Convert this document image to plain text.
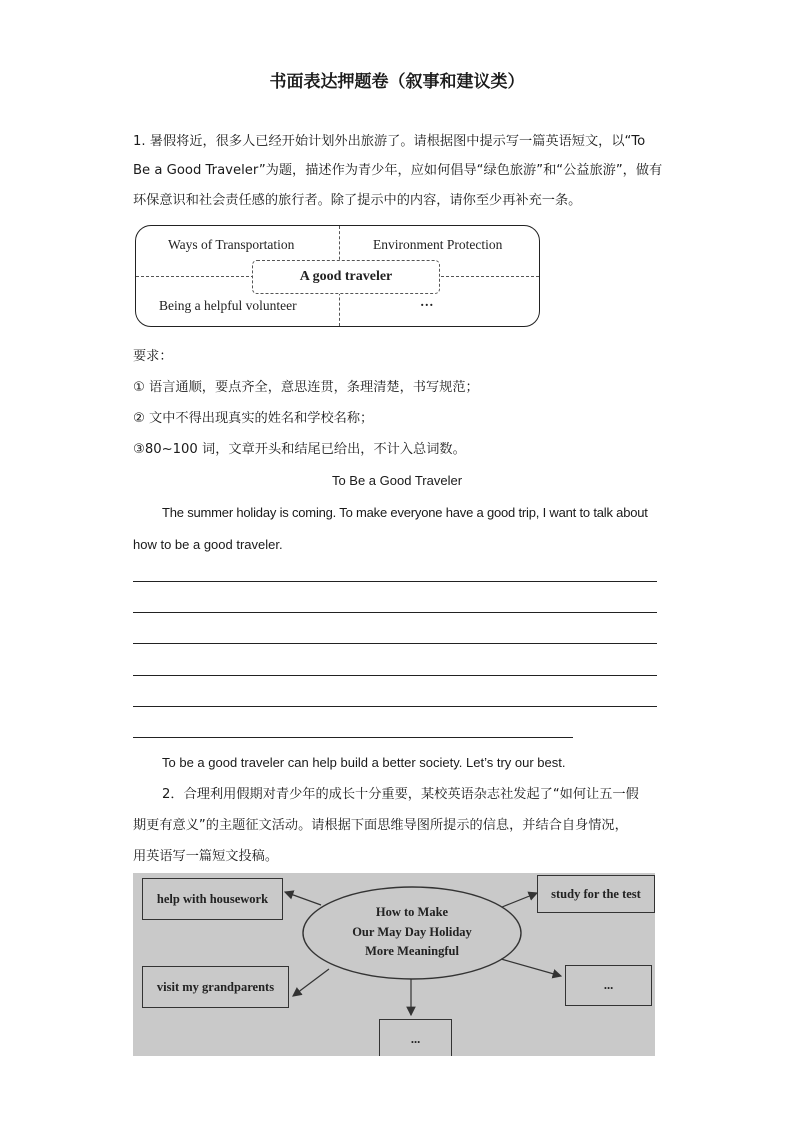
书面表达押题卷（叙事和建议类）
1. 暑假将近，很多人已经开始计划外出旅游了。请根据图中提示写一篇英语短文，以“To
Be a Good Traveler”为题，描述作为青少年，应如何倡导“绿色旅游”和“公益旅游”，做有
环保意识和社会责任感的旅行者。除了提示中的内容，请你至少再补充一条。
Ways of Transportation	Environment Protection
Being a helpful volunteer	…
A good traveler
要求：
① 语言通顺，要点齐全，意思连贯，条理清楚，书写规范；
② 文中不得出现真实的姓名和学校名称；
③80~100 词，文章开头和结尾已给出，不计入总词数。
To Be a Good Traveler
The summer holiday is coming. To make everyone have a good trip, I want to talk about
how to be a good traveler.
To be a good traveler can help build a better society. Let’s try our best.
2．合理利用假期对青少年的成长十分重要，某校英语杂志社发起了“如何让五一假
期更有意义”的主题征文活动。请根据下面思维导图所提示的信息，并结合自身情况，
用英语写一篇短文投稿。
How to Make
Our May Day Holiday
More Meaningful
help with housework	study for the test
visit my grandparents	...
...
